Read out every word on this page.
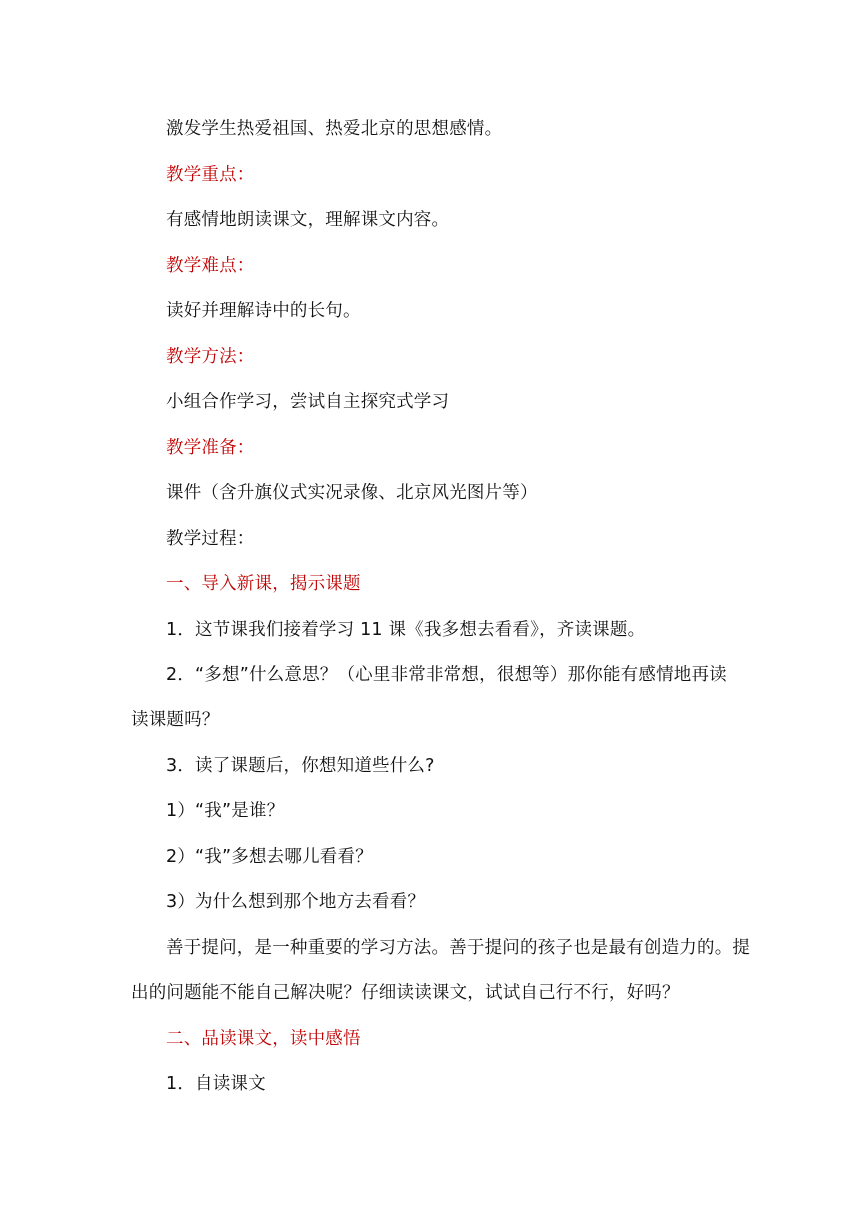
激发学生热爱祖国、热爱北京的思想感情。
教学重点：
有感情地朗读课文，理解课文内容。
教学难点：
读好并理解诗中的长句。
教学方法：
小组合作学习，尝试自主探究式学习
教学准备：
课件（含升旗仪式实况录像、北京风光图片等）
教学过程：
一、导入新课，揭示课题
1．这节课我们接着学习 11 课《我多想去看看》，齐读课题。
2．“多想”什么意思？（心里非常非常想，很想等）那你能有感情地再读
读课题吗？
3．读了课题后，你想知道些什么?
1）“我”是谁？
2）“我”多想去哪儿看看？
3）为什么想到那个地方去看看？
善于提问，是一种重要的学习方法。善于提问的孩子也是最有创造力的。提
出的问题能不能自己解决呢？仔细读读课文，试试自己行不行，好吗？
二、品读课文，读中感悟
1．自读课文
